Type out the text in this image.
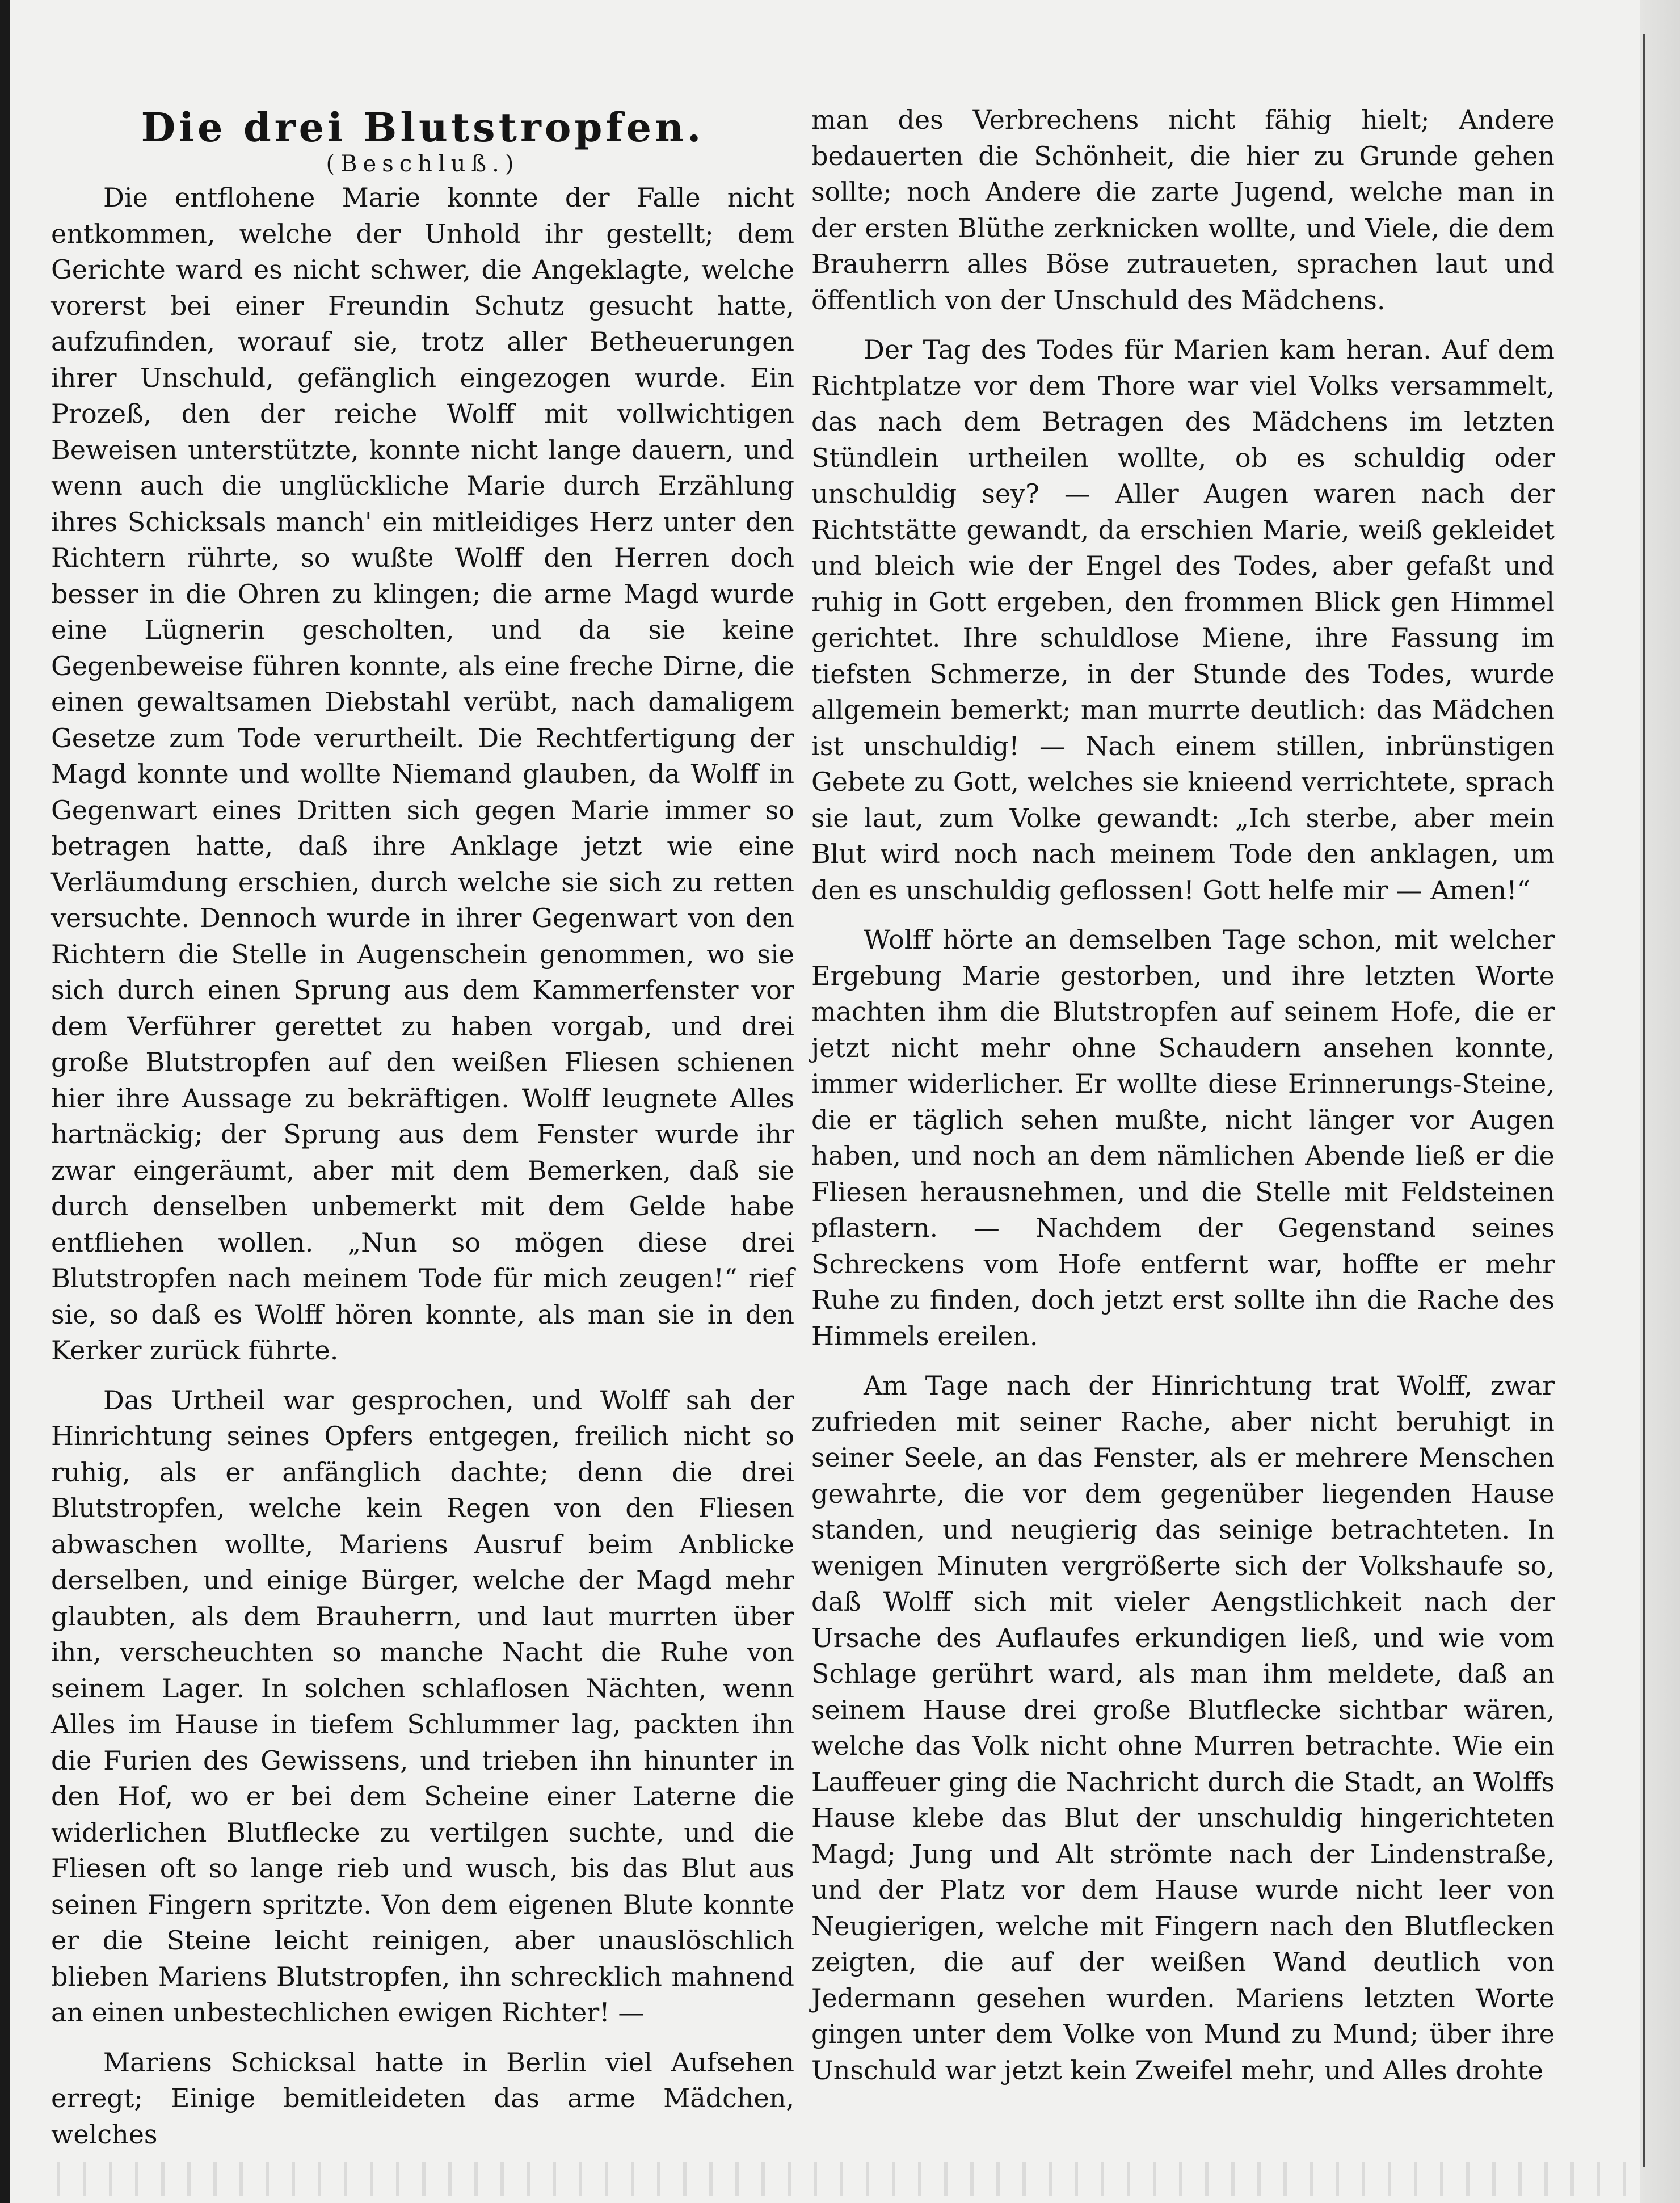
Die drei Blutstropfen.
(Beschluß.)

Die entflohene Marie konnte der Falle nicht entkommen, welche der Unhold ihr gestellt; dem Gerichte ward es nicht schwer, die Angeklagte, welche vorerst bei einer Freundin Schutz gesucht hatte, aufzufinden, worauf sie, trotz aller Betheuerungen ihrer Unschuld, gefänglich eingezogen wurde. Ein Prozeß, den der reiche Wolff mit vollwichtigen Beweisen unterstützte, konnte nicht lange dauern, und wenn auch die unglückliche Marie durch Erzählung ihres Schicksals manch' ein mitleidiges Herz unter den Richtern rührte, so wußte Wolff den Herren doch besser in die Ohren zu klingen; die arme Magd wurde eine Lügnerin gescholten, und da sie keine Gegenbeweise führen konnte, als eine freche Dirne, die einen gewaltsamen Diebstahl verübt, nach damaligem Gesetze zum Tode verurtheilt. Die Rechtfertigung der Magd konnte und wollte Niemand glauben, da Wolff in Gegenwart eines Dritten sich gegen Marie immer so betragen hatte, daß ihre Anklage jetzt wie eine Verläumdung erschien, durch welche sie sich zu retten versuchte. Dennoch wurde in ihrer Gegenwart von den Richtern die Stelle in Augenschein genommen, wo sie sich durch einen Sprung aus dem Kammerfenster vor dem Verführer gerettet zu haben vorgab, und drei große Blutstropfen auf den weißen Fliesen schienen hier ihre Aussage zu bekräftigen. Wolff leugnete Alles hartnäckig; der Sprung aus dem Fenster wurde ihr zwar eingeräumt, aber mit dem Bemerken, daß sie durch denselben unbemerkt mit dem Gelde habe entfliehen wollen. „Nun so mögen diese drei Blutstropfen nach meinem Tode für mich zeugen!“ rief sie, so daß es Wolff hören konnte, als man sie in den Kerker zurück führte.

Das Urtheil war gesprochen, und Wolff sah der Hinrichtung seines Opfers entgegen, freilich nicht so ruhig, als er anfänglich dachte; denn die drei Blutstropfen, welche kein Regen von den Fliesen abwaschen wollte, Mariens Ausruf beim Anblicke derselben, und einige Bürger, welche der Magd mehr glaubten, als dem Brauherrn, und laut murrten über ihn, verscheuchten so manche Nacht die Ruhe von seinem Lager. In solchen schlaflosen Nächten, wenn Alles im Hause in tiefem Schlummer lag, packten ihn die Furien des Gewissens, und trieben ihn hinunter in den Hof, wo er bei dem Scheine einer Laterne die widerlichen Blutflecke zu vertilgen suchte, und die Fliesen oft so lange rieb und wusch, bis das Blut aus seinen Fingern spritzte. Von dem eigenen Blute konnte er die Steine leicht reinigen, aber unauslöschlich blieben Mariens Blutstropfen, ihn schrecklich mahnend an einen unbestechlichen ewigen Richter! —

Mariens Schicksal hatte in Berlin viel Aufsehen erregt; Einige bemitleideten das arme Mädchen, welches

man des Verbrechens nicht fähig hielt; Andere bedauerten die Schönheit, die hier zu Grunde gehen sollte; noch Andere die zarte Jugend, welche man in der ersten Blüthe zerknicken wollte, und Viele, die dem Brauherrn alles Böse zutraueten, sprachen laut und öffentlich von der Unschuld des Mädchens.

Der Tag des Todes für Marien kam heran. Auf dem Richtplatze vor dem Thore war viel Volks versammelt, das nach dem Betragen des Mädchens im letzten Stündlein urtheilen wollte, ob es schuldig oder unschuldig sey? — Aller Augen waren nach der Richtstätte gewandt, da erschien Marie, weiß gekleidet und bleich wie der Engel des Todes, aber gefaßt und ruhig in Gott ergeben, den frommen Blick gen Himmel gerichtet. Ihre schuldlose Miene, ihre Fassung im tiefsten Schmerze, in der Stunde des Todes, wurde allgemein bemerkt; man murrte deutlich: das Mädchen ist unschuldig! — Nach einem stillen, inbrünstigen Gebete zu Gott, welches sie knieend verrichtete, sprach sie laut, zum Volke gewandt: „Ich sterbe, aber mein Blut wird noch nach meinem Tode den anklagen, um den es unschuldig geflossen! Gott helfe mir — Amen!“

Wolff hörte an demselben Tage schon, mit welcher Ergebung Marie gestorben, und ihre letzten Worte machten ihm die Blutstropfen auf seinem Hofe, die er jetzt nicht mehr ohne Schaudern ansehen konnte, immer widerlicher. Er wollte diese Erinnerungs-Steine, die er täglich sehen mußte, nicht länger vor Augen haben, und noch an dem nämlichen Abende ließ er die Fliesen herausnehmen, und die Stelle mit Feldsteinen pflastern. — Nachdem der Gegenstand seines Schreckens vom Hofe entfernt war, hoffte er mehr Ruhe zu finden, doch jetzt erst sollte ihn die Rache des Himmels ereilen.

Am Tage nach der Hinrichtung trat Wolff, zwar zufrieden mit seiner Rache, aber nicht beruhigt in seiner Seele, an das Fenster, als er mehrere Menschen gewahrte, die vor dem gegenüber liegenden Hause standen, und neugierig das seinige betrachteten. In wenigen Minuten vergrößerte sich der Volkshaufe so, daß Wolff sich mit vieler Aengstlichkeit nach der Ursache des Auflaufes erkundigen ließ, und wie vom Schlage gerührt ward, als man ihm meldete, daß an seinem Hause drei große Blutflecke sichtbar wären, welche das Volk nicht ohne Murren betrachte. Wie ein Lauffeuer ging die Nachricht durch die Stadt, an Wolffs Hause klebe das Blut der unschuldig hingerichteten Magd; Jung und Alt strömte nach der Lindenstraße, und der Platz vor dem Hause wurde nicht leer von Neugierigen, welche mit Fingern nach den Blutflecken zeigten, die auf der weißen Wand deutlich von Jedermann gesehen wurden. Mariens letzten Worte gingen unter dem Volke von Mund zu Mund; über ihre Unschuld war jetzt kein Zweifel mehr, und Alles drohte
